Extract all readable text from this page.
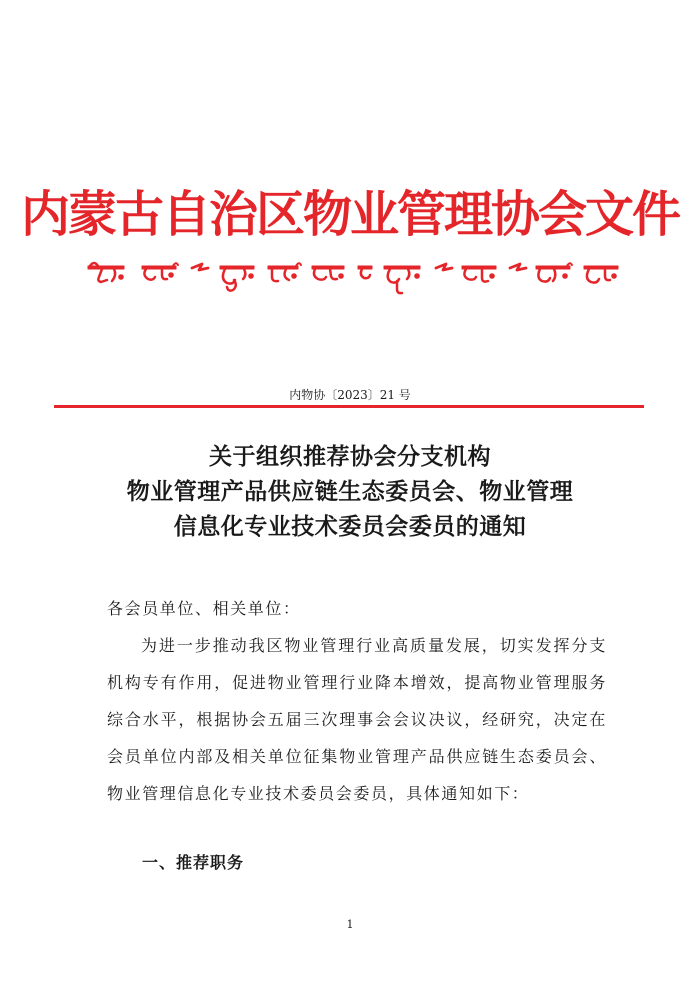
内蒙古自治区物业管理协会文件
内物协〔2023〕21 号
关于组织推荐协会分支机构
物业管理产品供应链生态委员会、物业管理
信息化专业技术委员会委员的通知
各会员单位、相关单位：
为进一步推动我区物业管理行业高质量发展，切实发挥分支机构专有作用，促进物业管理行业降本增效，提高物业管理服务综合水平，根据协会五届三次理事会会议决议，经研究，决定在会员单位内部及相关单位征集物业管理产品供应链生态委员会、物业管理信息化专业技术委员会委员，具体通知如下：
一、推荐职务
1
